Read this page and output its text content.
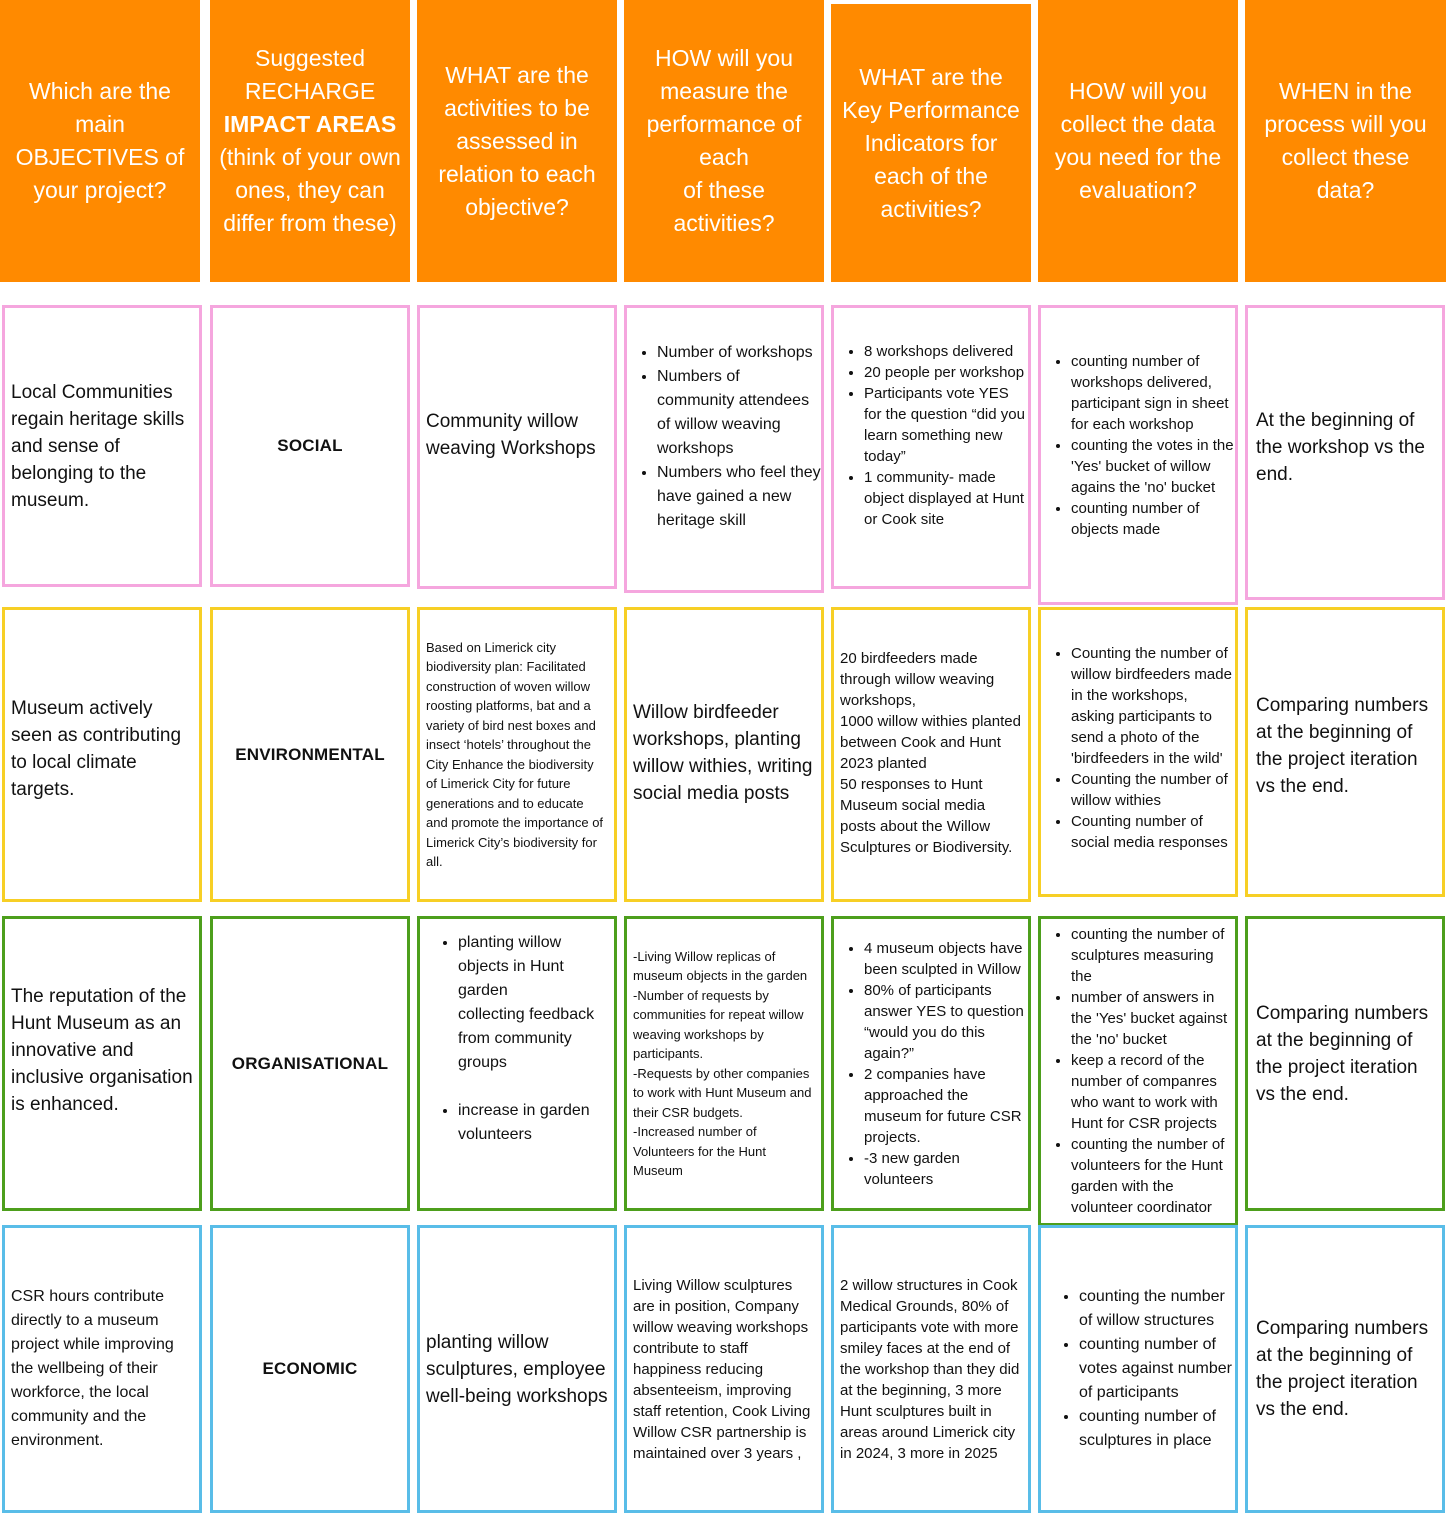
Which are the main OBJECTIVES of your project?
Suggested RECHARGE IMPACT AREAS (think of your own ones, they can differ from these)
WHAT are the activities to be assessed in relation to each objective?
HOW will you measure the performance of each
of these activities?
WHAT are the Key Performance Indicators for each of the activities?
HOW will you collect the data you need for the evaluation?
WHEN in the process will you collect these data?
Local Communities regain heritage skills and sense of belonging to the museum.
SOCIAL
Community willow weaving Workshops
• Number of workshops
• Numbers of community attendees of willow weaving workshops
• Numbers who feel they have gained a new heritage skill
• 8 workshops delivered
• 20 people per workshop
• Participants vote YES for the question “did you learn something new today”
• 1 community- made object displayed at Hunt or Cook site
• counting number of workshops delivered, participant sign in sheet for each workshop
• counting the votes in the 'Yes' bucket of willow agains the 'no' bucket
• counting number of objects made
At the beginning of the workshop vs the end.
Museum actively seen as contributing to local climate targets.
ENVIRONMENTAL
Based on Limerick city biodiversity plan: Facilitated construction of woven willow roosting platforms, bat and a variety of bird nest boxes and insect ‘hotels’ throughout the City Enhance the biodiversity of Limerick City for future generations and to educate and promote the importance of Limerick City’s biodiversity for all.
Willow birdfeeder workshops, planting willow withies, writing social media posts
20 birdfeeders made through willow weaving workshops,
1000 willow withies planted between Cook and Hunt
2023 planted
50 responses to Hunt Museum social media posts about the Willow Sculptures or Biodiversity.
• Counting the number of willow birdfeeders made in the workshops, asking participants to send a photo of the 'birdfeeders in the wild'
• Counting the number of willow withies
• Counting number of social media responses
Comparing numbers at the beginning of the project iteration vs the end.
The reputation of the Hunt Museum as an innovative and inclusive organisation is enhanced.
ORGANISATIONAL

• planting willow objects in Hunt garden
collecting feedback from community groups

• increase in garden volunteers

-Living Willow replicas of museum objects in the garden
-Number of requests by communities for repeat willow weaving workshops by participants.
-Requests by other companies to work with Hunt Museum and their CSR budgets.
-Increased number of Volunteers for the Hunt Museum
• 4 museum objects have been sculpted in Willow
• 80% of participants answer YES to question “would you do this again?”
• 2 companies have approached the museum for future CSR projects.
• -3 new garden volunteers
• counting the number of sculptures measuring the
• number of answers in the 'Yes' bucket against the 'no' bucket
• keep a record of the number of companres who want to work with Hunt for CSR projects
• counting the number of volunteers for the Hunt garden with the volunteer coordinator
Comparing numbers at the beginning of the project iteration vs the end.
CSR hours contribute directly to a museum project while improving the wellbeing of their workforce, the local community and the environment.
ECONOMIC
planting willow sculptures, employee well-being workshops
Living Willow sculptures are in position, Company willow weaving workshops contribute to staff happiness reducing absenteeism, improving staff retention, Cook Living Willow CSR partnership is maintained over 3 years ,
2 willow structures in Cook Medical Grounds, 80% of participants vote with more smiley faces at the end of the workshop than they did at the beginning, 3 more Hunt sculptures built in areas around Limerick city in 2024, 3 more in 2025
• counting the number of willow structures
• counting number of votes against number of participants
• counting number of sculptures in place
Comparing numbers at the beginning of the project iteration vs the end.
